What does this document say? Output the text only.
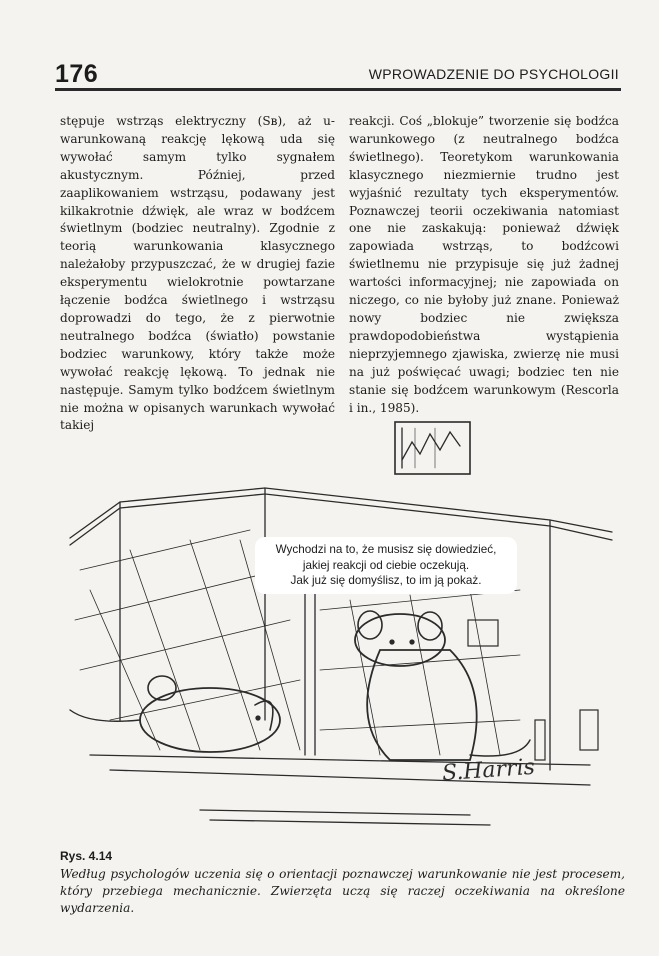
176	WPROWADZENIE DO PSYCHOLOGII

stępuje wstrząs elektryczny (Sʙ), aż u-warunkowaną reakcję lękową uda się wywołać samym tylko sygnałem akustycznym. Później, przed zaaplikowaniem wstrząsu, podawany jest kilkakrotnie dźwięk, ale wraz w bodźcem świetlnym (bodziec neutralny). Zgodnie z teorią warunkowania klasycznego należałoby przypuszczać, że w drugiej fazie eksperymentu wielokrotnie powtarzane łączenie bodźca świetlnego i wstrząsu doprowadzi do tego, że z pierwotnie neutralnego bodźca (światło) powstanie bodziec warunkowy, który także może wywołać reakcję lękową. To jednak nie następuje. Samym tylko bodźcem świetlnym nie można w opisanych warunkach wywołać takiej

reakcji. Coś „blokuje” tworzenie się bodźca warunkowego (z neutralnego bodźca świetlnego). Teoretykom warunkowania klasycznego niezmiernie trudno jest wyjaśnić rezultaty tych eksperymentów. Poznawczej teorii oczekiwania natomiast one nie zaskakują: ponieważ dźwięk zapowiada wstrząs, to bodźcowi świetlnemu nie przypisuje się już żadnej wartości informacyjnej; nie zapowiada on niczego, co nie byłoby już znane. Ponieważ nowy bodziec nie zwiększa prawdopodobieństwa wystąpienia nieprzyjemnego zjawiska, zwierzę nie musi na już poświęcać uwagi; bodziec ten nie stanie się bodźcem warunkowym (Rescorla i in., 1985).

Wychodzi na to, że musisz się dowiedzieć,
jakiej reakcji od ciebie oczekują.
Jak już się domyślisz, to im ją pokaż.
S.Harris
Rys. 4.14
Według psychologów uczenia się o orientacji poznawczej warunkowanie nie jest procesem, który przebiega mechanicznie. Zwierzęta uczą się raczej oczekiwania na określone wydarzenia.
